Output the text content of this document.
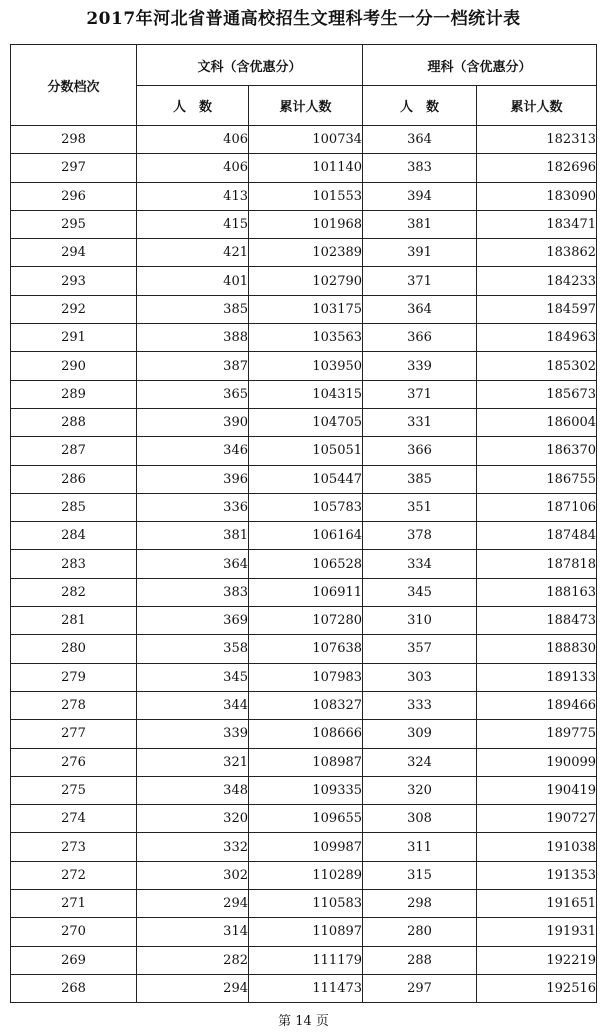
2017年河北省普通高校招生文理科考生一分一档统计表
分数档次	文科（含优惠分）		理科（含优惠分）	
	人　数	累计人数	人　数	累计人数
298	406	100734	364	182313
297	406	101140	383	182696
296	413	101553	394	183090
295	415	101968	381	183471
294	421	102389	391	183862
293	401	102790	371	184233
292	385	103175	364	184597
291	388	103563	366	184963
290	387	103950	339	185302
289	365	104315	371	185673
288	390	104705	331	186004
287	346	105051	366	186370
286	396	105447	385	186755
285	336	105783	351	187106
284	381	106164	378	187484
283	364	106528	334	187818
282	383	106911	345	188163
281	369	107280	310	188473
280	358	107638	357	188830
279	345	107983	303	189133
278	344	108327	333	189466
277	339	108666	309	189775
276	321	108987	324	190099
275	348	109335	320	190419
274	320	109655	308	190727
273	332	109987	311	191038
272	302	110289	315	191353
271	294	110583	298	191651
270	314	110897	280	191931
269	282	111179	288	192219
268	294	111473	297	192516
第 14 页
